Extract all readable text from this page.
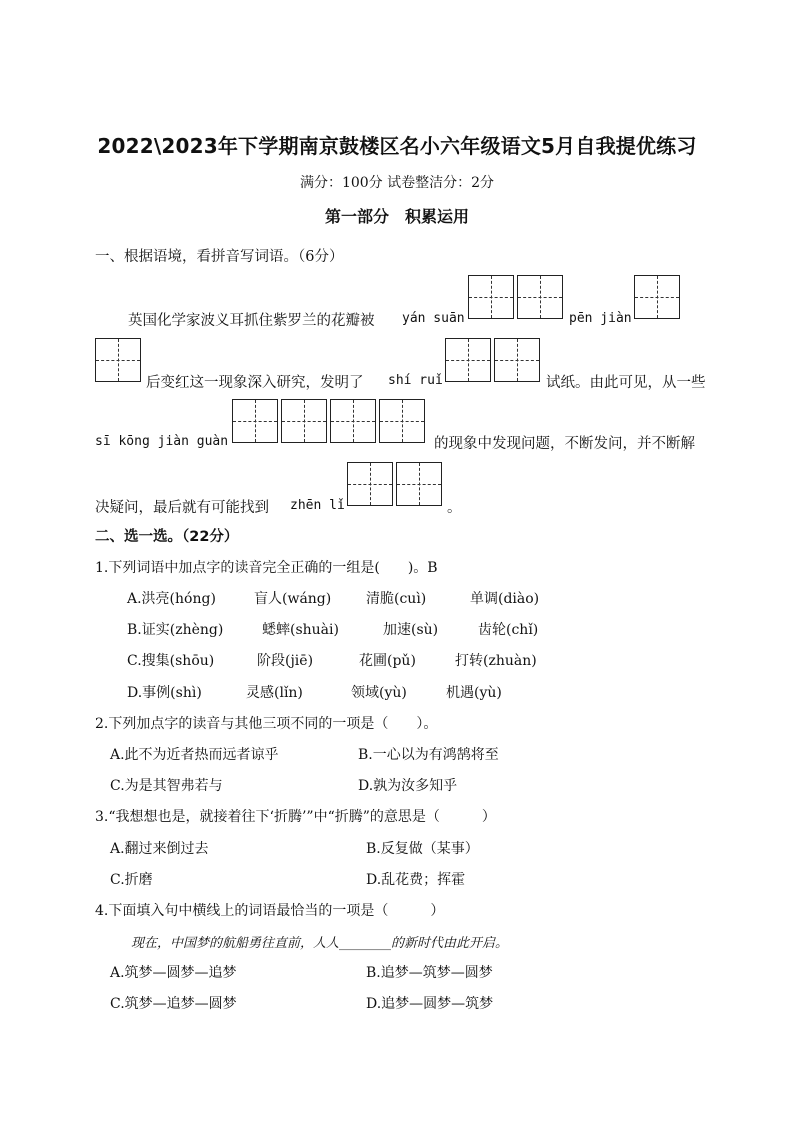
2022\2023年下学期南京鼓楼区名小六年级语文5月自我提优练习
满分：100分 试卷整洁分：2分
第一部分　积累运用
一、根据语境，看拼音写词语。（6分）
英国化学家波义耳抓住紫罗兰的花瓣被 yán suān	pēn jiàn
后变红这一现象深入研究，发明了 shí ruǐ	试纸。由此可见，从一些
sī kōng jiàn guàn	的现象中发现问题，不断发问，并不断解
决疑问，最后就有可能找到 zhēn lǐ	。
二、选一选。（22分）
1.下列词语中加点字的读音完全正确的一组是(　　)。B
A.洪亮(hóng)	盲人(wáng) 清脆(cuì)	单调(diào)
B.证实(zhèng)	蟋蟀(shuài)	加速(sù)	齿轮(chǐ)
C.搜集(shōu)	阶段(jiē)	花圃(pǔ)	打转(zhuàn)
D.事例(shì)	灵感(lǐn)	领域(yù)	机遇(yù)
2.下列加点字的读音与其他三项不同的一项是（　　）。
A.此不为近者热而远者谅乎	B.一心以为有鸿鹄将至
C.为是其智弗若与	D.孰为汝多知乎
3.“我想想也是，就接着往下‘折腾’”中“折腾”的意思是（　　　）
A.翻过来倒过去	B.反复做（某事）
C.折磨	D.乱花费；挥霍
4.下面填入句中横线上的词语最恰当的一项是（　　　）
现在，中国梦的航船勇往直前，人人________的新时代由此开启。
A.筑梦—圆梦—追梦	B.追梦—筑梦—圆梦
C.筑梦—追梦—圆梦	D.追梦—圆梦—筑梦
